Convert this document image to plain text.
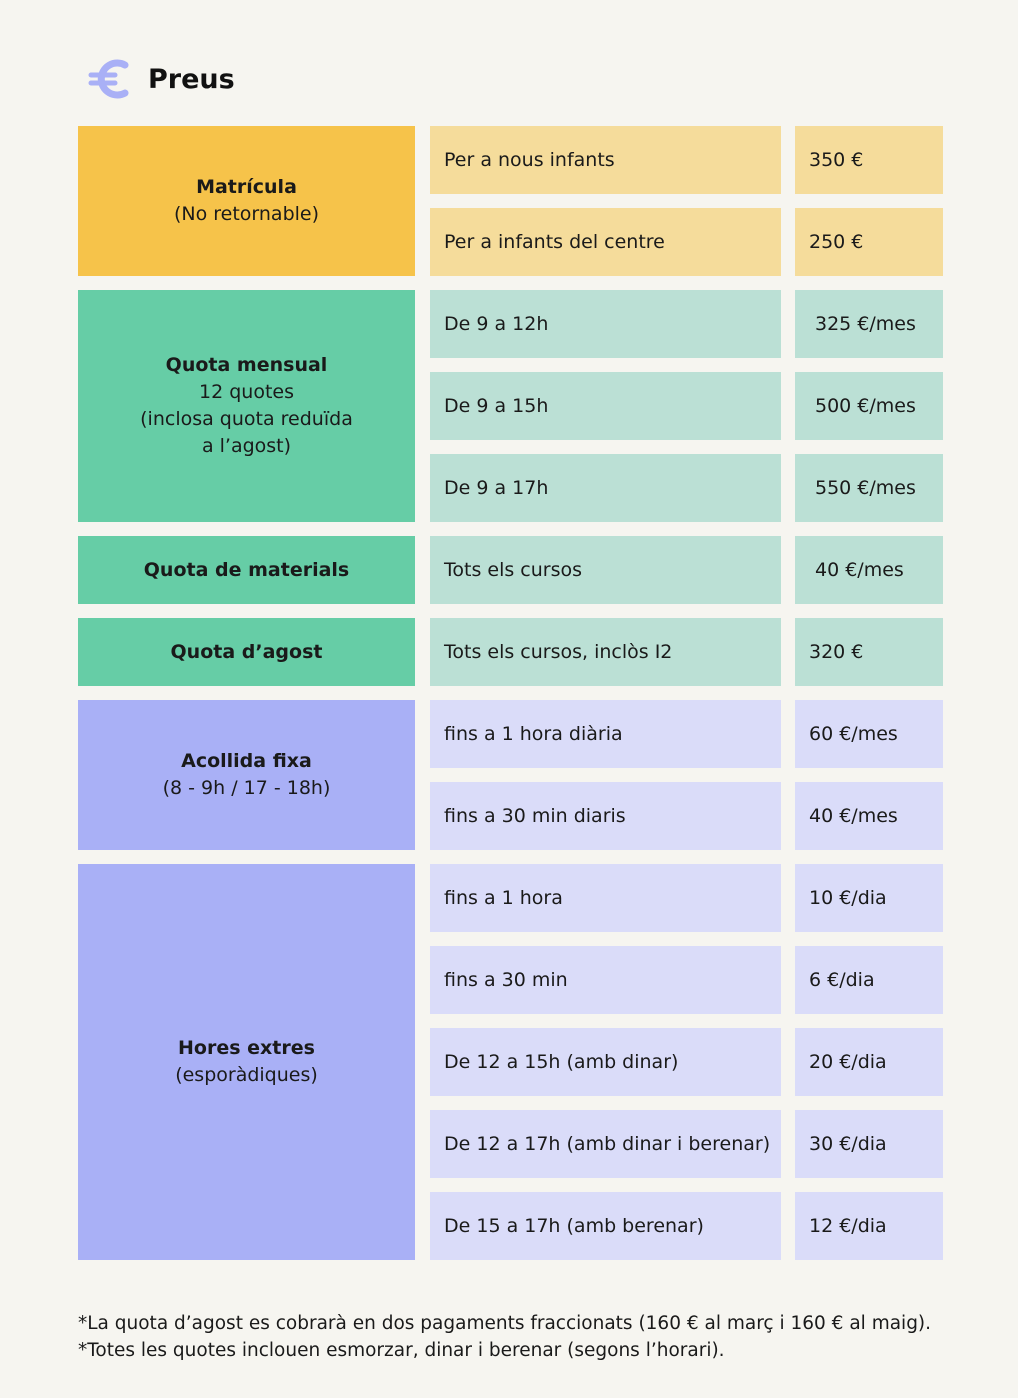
Preus
Matrícula
(No retornable)
Per a nous infants	350 €
Per a infants del centre	250 €
Quota mensual
12 quotes
(inclosa quota reduïda
a l’agost)
De 9 a 12h	325 €/mes
De 9 a 15h	500 €/mes
De 9 a 17h	550 €/mes
Quota de materials	Tots els cursos	40 €/mes
Quota d’agost	Tots els cursos, inclòs I2	320 €
Acollida fixa
(8 - 9h / 17 - 18h)
fins a 1 hora diària	60 €/mes
fins a 30 min diaris	40 €/mes
Hores extres
(esporàdiques)
fins a 1 hora	10 €/dia
fins a 30 min	6 €/dia
De 12 a 15h (amb dinar)	20 €/dia
De 12 a 17h (amb dinar i berenar)	30 €/dia
De 15 a 17h (amb berenar)	12 €/dia
*La quota d’agost es cobrarà en dos pagaments fraccionats (160 € al març i 160 € al maig).
*Totes les quotes inclouen esmorzar, dinar i berenar (segons l’horari).
